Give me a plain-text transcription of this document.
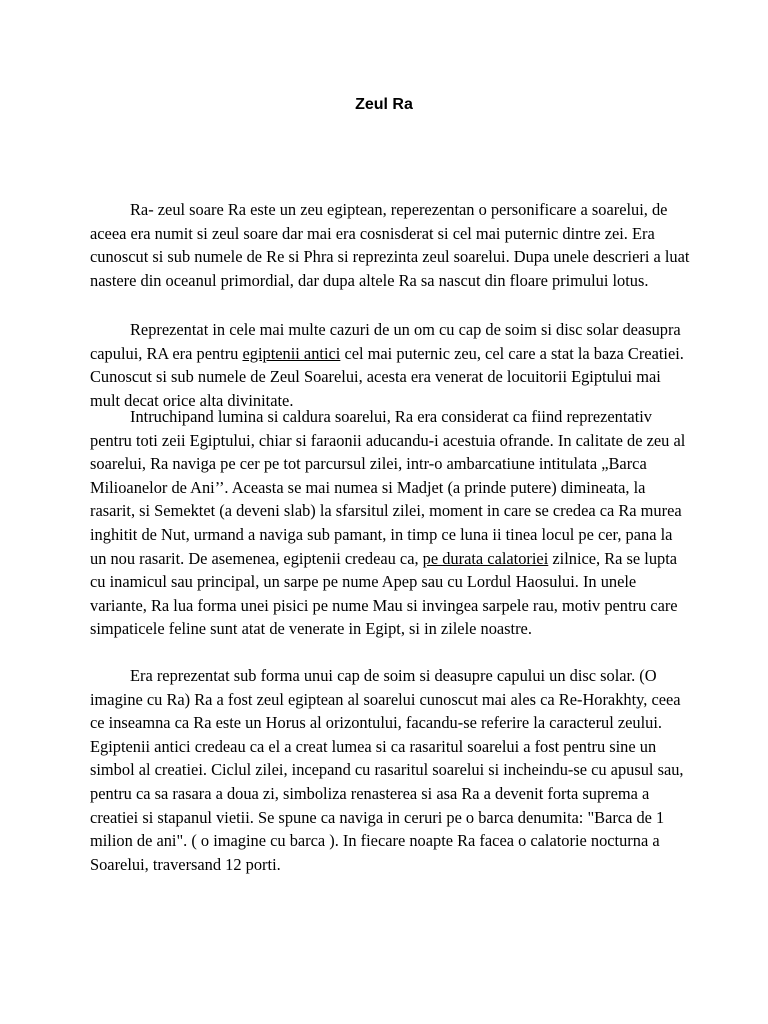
Zeul Ra

Ra- zeul soare Ra este un zeu egiptean, reperezentan o personificare a soarelui, de aceea era numit si zeul soare dar mai era cosnisderat si cel mai puternic dintre zei. Era cunoscut si sub numele de Re si Phra si reprezinta zeul soarelui. Dupa unele descrieri a luat nastere din oceanul primordial, dar dupa altele Ra sa nascut din floare primului lotus.

Reprezentat in cele mai multe cazuri de un om cu cap de soim si disc solar deasupra capului, RA era pentru egiptenii antici cel mai puternic zeu, cel care a stat la baza Creatiei. Cunoscut si sub numele de Zeul Soarelui, acesta era venerat de locuitorii Egiptului mai mult decat orice alta divinitate.

Intruchipand lumina si caldura soarelui, Ra era considerat ca fiind reprezentativ pentru toti zeii Egiptului, chiar si faraonii aducandu-i acestuia ofrande. In calitate de zeu al soarelui, Ra naviga pe cer pe tot parcursul zilei, intr-o ambarcatiune intitulata „Barca Milioanelor de Ani’’. Aceasta se mai numea si Madjet (a prinde putere) dimineata, la rasarit, si Semektet (a deveni slab) la sfarsitul zilei, moment in care se credea ca Ra murea inghitit de Nut, urmand a naviga sub pamant, in timp ce luna ii tinea locul pe cer, pana la un nou rasarit. De asemenea, egiptenii credeau ca, pe durata calatoriei zilnice, Ra se lupta cu inamicul sau principal, un sarpe pe nume Apep sau cu Lordul Haosului. In unele variante, Ra lua forma unei pisici pe nume Mau si invingea sarpele rau, motiv pentru care simpaticele feline sunt atat de venerate in Egipt, si in zilele noastre.

Era reprezentat sub forma unui cap de soim si deasupre capului un disc solar. (O imagine cu Ra) Ra a fost zeul egiptean al soarelui cunoscut mai ales ca Re-Horakhty, ceea ce inseamna ca Ra este un Horus al orizontului, facandu-se referire la caracterul zeului. Egiptenii antici credeau ca el a creat lumea si ca rasaritul soarelui a fost pentru sine un simbol al creatiei. Ciclul zilei, incepand cu rasaritul soarelui si incheindu-se cu apusul sau, pentru ca sa rasara a doua zi, simboliza renasterea si asa Ra a devenit forta suprema a creatiei si stapanul vietii. Se spune ca naviga in ceruri pe o barca denumita: "Barca de 1 milion de ani". ( o imagine cu barca ). In fiecare noapte Ra facea o calatorie nocturna a Soarelui, traversand 12 porti.
